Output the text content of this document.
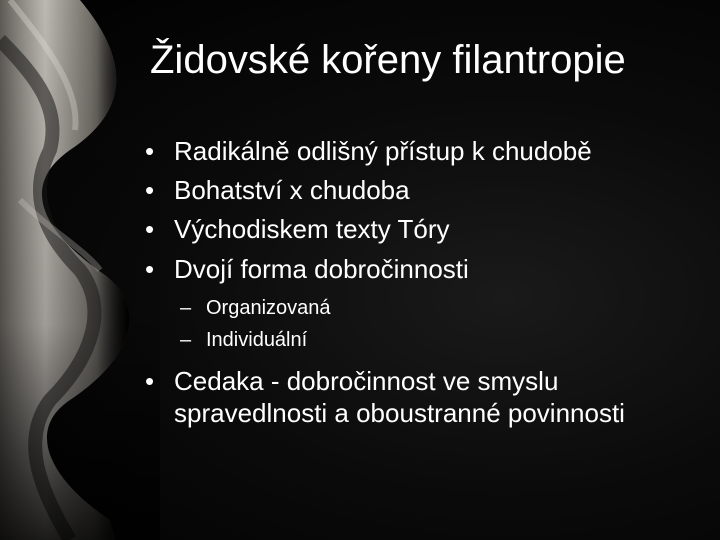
Židovské kořeny filantropie
• Radikálně odlišný přístup k chudobě
• Bohatství x chudoba
• Východiskem texty Tóry
• Dvojí forma dobročinnosti
– Organizovaná
– Individuální
• Cedaka - dobročinnost ve smyslu spravedlnosti a oboustranné povinnosti
